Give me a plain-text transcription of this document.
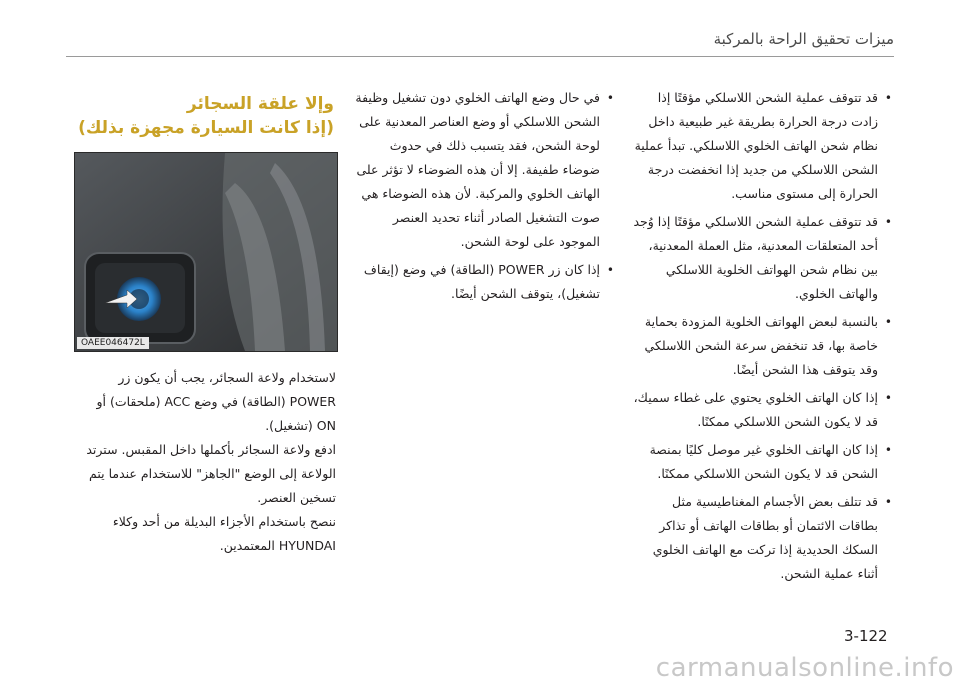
ميزات تحقيق الراحة بالمركبة
• قد تتوقف عملية الشحن اللاسلكي مؤقتًا إذا زادت درجة الحرارة بطريقة غير طبيعية داخل نظام شحن الهاتف الخلوي اللاسلكي. تبدأ عملية الشحن اللاسلكي من جديد إذا انخفضت درجة الحرارة إلى مستوى مناسب.
• قد تتوقف عملية الشحن اللاسلكي مؤقتًا إذا وُجد أحد المتعلقات المعدنية، مثل العملة المعدنية، بين نظام شحن الهواتف الخلوية اللاسلكي والهاتف الخلوي.
• بالنسبة لبعض الهواتف الخلوية المزودة بحماية خاصة بها، قد تنخفض سرعة الشحن اللاسلكي وقد يتوقف هذا الشحن أيضًا.
• إذا كان الهاتف الخلوي يحتوي على غطاء سميك، قد لا يكون الشحن اللاسلكي ممكنًا.
• إذا كان الهاتف الخلوي غير موصل كليًا بمنصة الشحن قد لا يكون الشحن اللاسلكي ممكنًا.
• قد تتلف بعض الأجسام المغناطيسية مثل بطاقات الائتمان أو بطاقات الهاتف أو تذاكر السكك الحديدية إذا تركت مع الهاتف الخلوي أثناء عملية الشحن.
• في حال وضع الهاتف الخلوي دون تشغيل وظيفة الشحن اللاسلكي أو وضع العناصر المعدنية على لوحة الشحن، فقد يتسبب ذلك في حدوث ضوضاء طفيفة. إلا أن هذه الضوضاء لا تؤثر على الهاتف الخلوي والمركبة. لأن هذه الضوضاء هي صوت التشغيل الصادر أثناء تحديد العنصر الموجود على لوحة الشحن.
• إذا كان زر POWER (الطاقة) في وضع (إيقاف تشغيل)، يتوقف الشحن أيضًا.

وإلا علقة السجائر

(إذا كانت السيارة مجهزة بذلك)

OAEE046472L

لاستخدام ولاعة السجائر، يجب أن يكون زر POWER (الطاقة) في وضع ACC (ملحقات) أو ON (تشغيل).

ادفع ولاعة السجائر بأكملها داخل المقبس. سترتد الولاعة إلى الوضع "الجاهز" للاستخدام عندما يتم تسخين العنصر.

ننصح باستخدام الأجزاء البديلة من أحد وكلاء HYUNDAI المعتمدين.

3-122
carmanualsonline.info
